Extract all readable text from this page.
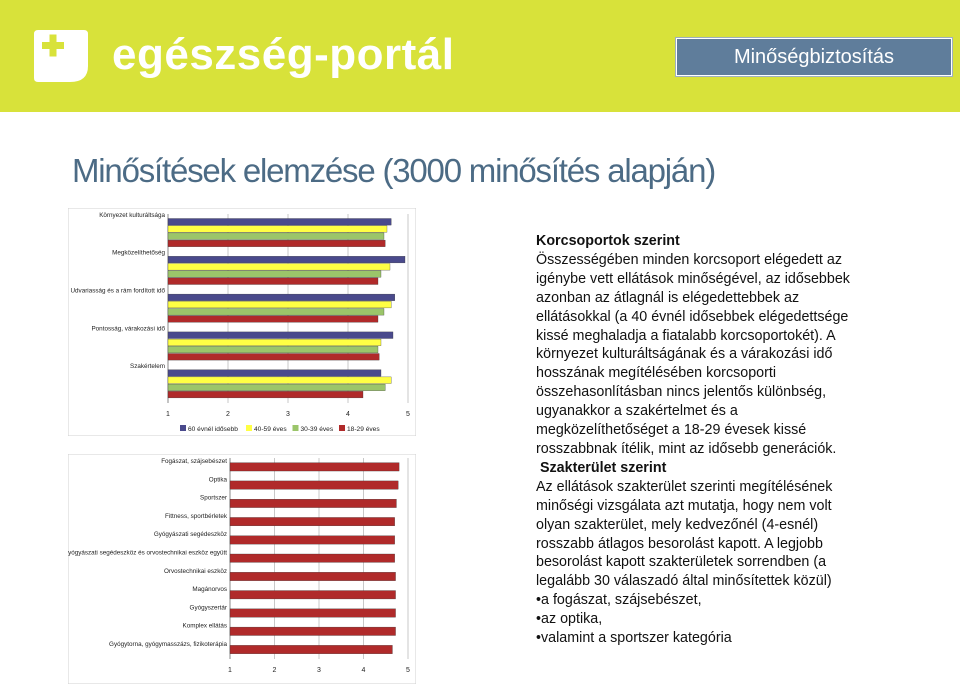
egészség-portál	Minőségbiztosítás
Minősítések elemzése (3000 minősítés alapján)
1	2	3	4	5
Környezet kulturáltsága
Megközelíthetőség
Udvariasság és a rám fordított idő
Pontosság, várakozási idő
Szakértelem
60 évnél idősebb 40-59 éves 30-39 éves 18-29 éves
1	2	3	4	5
Fogászat, szájsebészet
Optika
Sportszer
Fittness, sportbérletek
Gyógyászati segédeszköz
Gyógyászati segédeszköz és orvostechnikai eszköz együtt
Orvostechnikai eszköz
Magánorvos
Gyógyszertár
Komplex ellátás
Gyógytorna, gyógymasszázs, fizikoterápia

Korcsoportok szerint

Összességében minden korcsoport elégedett az igénybe vett ellátások minőségével, az idősebbek azonban az átlagnál is elégedettebbek az ellátásokkal (a 40 évnél idősebbek elégedettsége kissé meghaladja a fiatalabb korcsoportokét). A környezet kulturáltságának és a várakozási idő hosszának megítélésében korcsoporti összehasonlításban nincs jelentős különbség, ugyanakkor a szakértelmet és a megközelíthetőséget a 18-29 évesek kissé rosszabbnak ítélik, mint az idősebb generációk.

Szakterület szerint

Az ellátások szakterület szerinti megítélésének minőségi vizsgálata azt mutatja, hogy nem volt olyan szakterület, mely kedvezőnél (4-esnél) rosszabb átlagos besorolást kapott. A legjobb besorolást kapott szakterületek sorrendben (a legalább 30 válaszadó által minősítettek közül)

•a fogászat, szájsebészet,

•az optika,

•valamint a sportszer kategória
